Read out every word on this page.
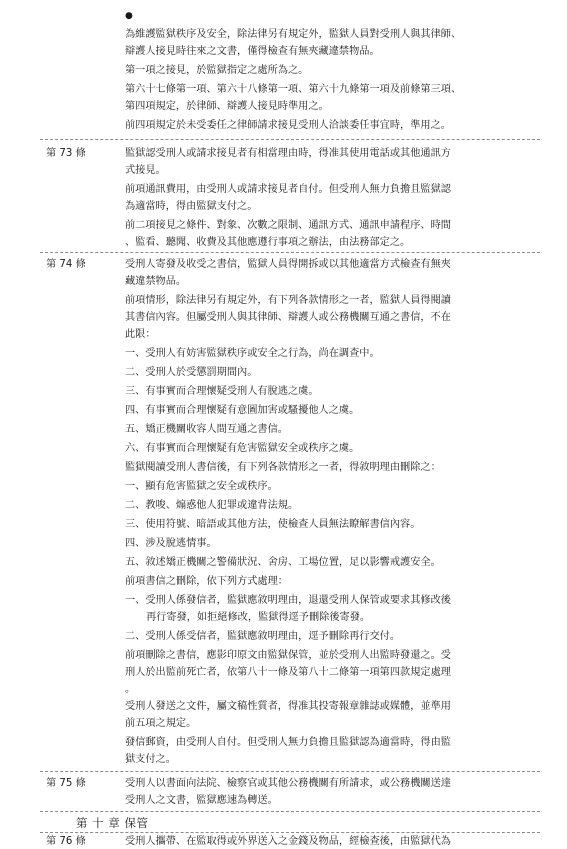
●
為維護監獄秩序及安全，除法律另有規定外，監獄人員對受刑人與其律師、
辯護人接見時往來之文書，僅得檢查有無夾藏違禁物品。
第一項之接見，於監獄指定之處所為之。
第六十七條第一項、第六十八條第一項、第六十九條第一項及前條第三項、
第四項規定，於律師、辯護人接見時準用之。
前四項規定於未受委任之律師請求接見受刑人洽談委任事宜時，準用之。
第 73 條	監獄認受刑人或請求接見者有相當理由時，得准其使用電話或其他通訊方
式接見。
前項通訊費用，由受刑人或請求接見者自付。但受刑人無力負擔且監獄認
為適當時，得由監獄支付之。
前二項接見之條件、對象、次數之限制、通訊方式、通訊申請程序、時間
、監看、聽聞、收費及其他應遵行事項之辦法，由法務部定之。
第 74 條	受刑人寄發及收受之書信，監獄人員得開拆或以其他適當方式檢查有無夾
藏違禁物品。
前項情形，除法律另有規定外，有下列各款情形之一者，監獄人員得閱讀
其書信內容。但屬受刑人與其律師、辯護人或公務機關互通之書信，不在
此限：
一、受刑人有妨害監獄秩序或安全之行為，尚在調查中。
二、受刑人於受懲罰期間內。
三、有事實而合理懷疑受刑人有脫逃之虞。
四、有事實而合理懷疑有意圖加害或騷擾他人之虞。
五、矯正機關收容人間互通之書信。
六、有事實而合理懷疑有危害監獄安全或秩序之虞。
監獄閱讀受刑人書信後，有下列各款情形之一者，得敘明理由刪除之：
一、顯有危害監獄之安全或秩序。
二、教唆、煽惑他人犯罪或違背法規。
三、使用符號、暗語或其他方法，使檢查人員無法瞭解書信內容。
四、涉及脫逃情事。
五、敘述矯正機關之警備狀況、舍房、工場位置，足以影響戒護安全。
前項書信之刪除，依下列方式處理：
一、受刑人係發信者，監獄應敘明理由，退還受刑人保管或要求其修改後
再行寄發，如拒絕修改，監獄得逕予刪除後寄發。
二、受刑人係受信者，監獄應敘明理由，逕予刪除再行交付。
前項刪除之書信，應影印原文由監獄保管，並於受刑人出監時發還之。受
刑人於出監前死亡者，依第八十一條及第八十二條第一項第四款規定處理
。
受刑人發送之文件，屬文稿性質者，得准其投寄報章雜誌或媒體，並準用
前五項之規定。
發信郵資，由受刑人自付。但受刑人無力負擔且監獄認為適當時，得由監
獄支付之。
第 75 條	受刑人以書面向法院、檢察官或其他公務機關有所請求，或公務機關送達
受刑人之文書，監獄應速為轉送。
第 十 章 保管
第 76 條	受刑人攜帶、在監取得或外界送入之金錢及物品，經檢查後，由監獄代為
